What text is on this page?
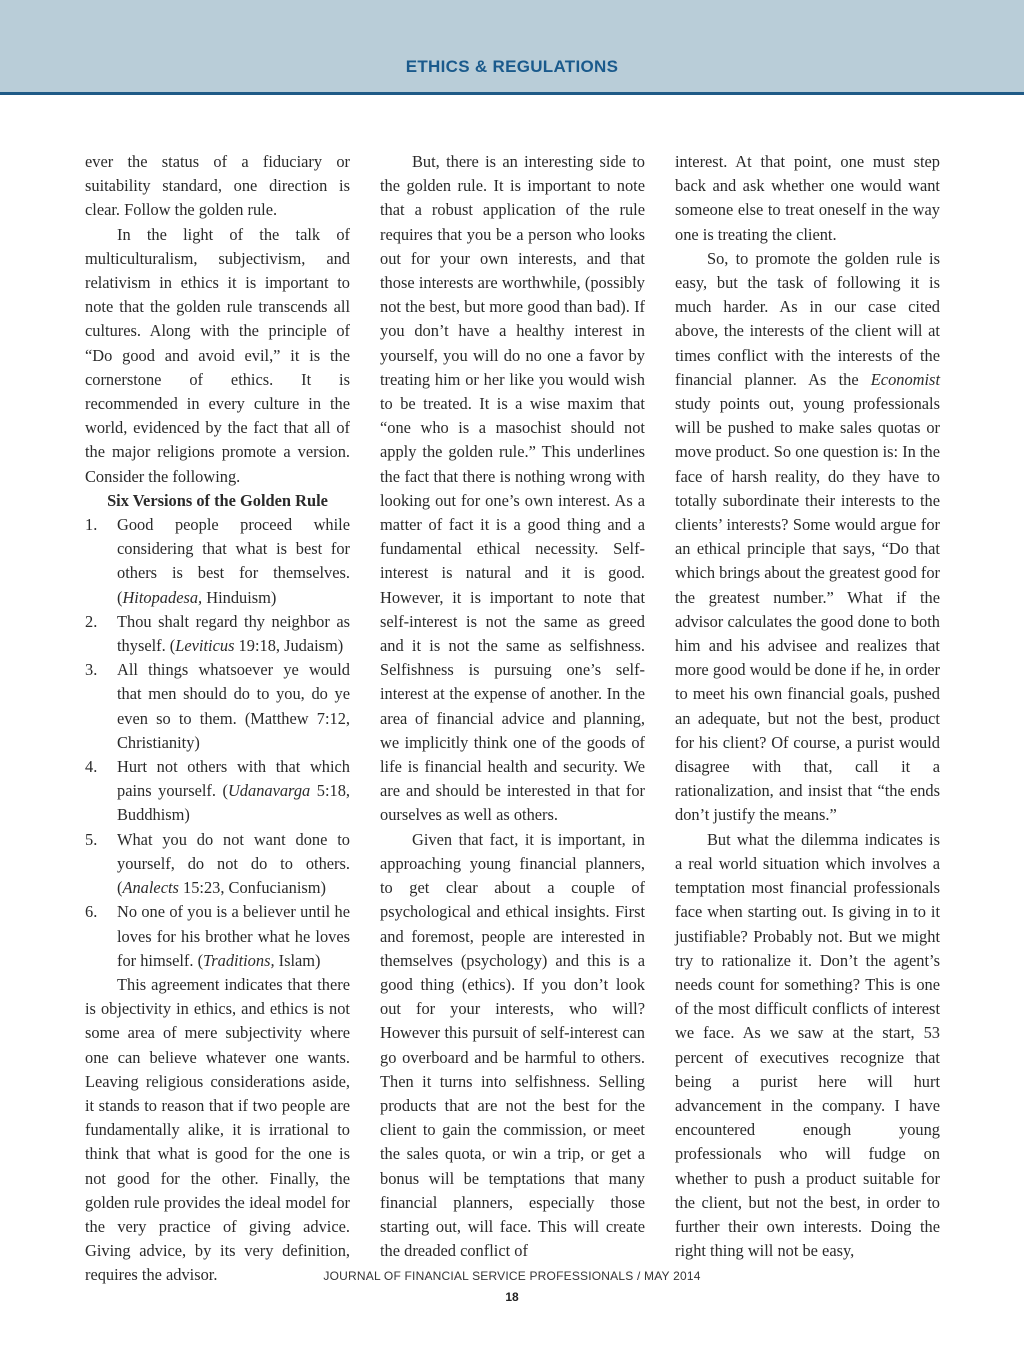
ETHICS & REGULATIONS

ever the status of a fiduciary or suitability standard, one direction is clear. Follow the golden rule.

In the light of the talk of multiculturalism, subjectivism, and relativism in ethics it is important to note that the golden rule transcends all cultures. Along with the principle of “Do good and avoid evil,” it is the cornerstone of ethics. It is recommended in every culture in the world, evidenced by the fact that all of the major religions promote a version. Consider the following.

Six Versions of the Golden Rule

1. Good people proceed while considering that what is best for others is best for themselves. (Hitopadesa, Hinduism)
2. Thou shalt regard thy neighbor as thyself. (Leviticus 19:18, Judaism)
3. All things whatsoever ye would that men should do to you, do ye even so to them. (Matthew 7:12, Christianity)
4. Hurt not others with that which pains yourself. (Udanavarga 5:18, Buddhism)
5. What you do not want done to yourself, do not do to others. (Analects 15:23, Confucianism)
6. No one of you is a believer until he loves for his brother what he loves for himself. (Traditions, Islam)

This agreement indicates that there is objectivity in ethics, and ethics is not some area of mere subjectivity where one can believe whatever one wants. Leaving religious considerations aside, it stands to reason that if two people are fundamentally alike, it is irrational to think that what is good for the one is not good for the other. Finally, the golden rule provides the ideal model for the very practice of giving advice. Giving advice, by its very definition, requires the advisor.

But, there is an interesting side to the golden rule. It is important to note that a robust application of the rule requires that you be a person who looks out for your own interests, and that those interests are worthwhile, (possibly not the best, but more good than bad). If you don’t have a healthy interest in yourself, you will do no one a favor by treating him or her like you would wish to be treated. It is a wise maxim that “one who is a masochist should not apply the golden rule.” This underlines the fact that there is nothing wrong with looking out for one’s own interest. As a matter of fact it is a good thing and a fundamental ethical necessity. Self-interest is natural and it is good. However, it is important to note that self-interest is not the same as greed and it is not the same as selfishness. Selfishness is pursuing one’s self-interest at the expense of another. In the area of financial advice and planning, we implicitly think one of the goods of life is financial health and security. We are and should be interested in that for ourselves as well as others.

Given that fact, it is important, in approaching young financial planners, to get clear about a couple of psychological and ethical insights. First and foremost, people are interested in themselves (psychology) and this is a good thing (ethics). If you don’t look out for your interests, who will? However this pursuit of self-interest can go overboard and be harmful to others. Then it turns into selfishness. Selling products that are not the best for the client to gain the commission, or meet the sales quota, or win a trip, or get a bonus will be temptations that many financial planners, especially those starting out, will face. This will create the dreaded conflict of

interest. At that point, one must step back and ask whether one would want someone else to treat oneself in the way one is treating the client.

So, to promote the golden rule is easy, but the task of following it is much harder. As in our case cited above, the interests of the client will at times conflict with the interests of the financial planner. As the Economist study points out, young professionals will be pushed to make sales quotas or move product. So one question is: In the face of harsh reality, do they have to totally subordinate their interests to the clients’ interests? Some would argue for an ethical principle that says, “Do that which brings about the greatest good for the greatest number.” What if the advisor calculates the good done to both him and his advisee and realizes that more good would be done if he, in order to meet his own financial goals, pushed an adequate, but not the best, product for his client? Of course, a purist would disagree with that, call it a rationalization, and insist that “the ends don’t justify the means.”

But what the dilemma indicates is a real world situation which involves a temptation most financial professionals face when starting out. Is giving in to it justifiable? Probably not. But we might try to rationalize it. Don’t the agent’s needs count for something? This is one of the most difficult conflicts of interest we face. As we saw at the start, 53 percent of executives recognize that being a purist here will hurt advancement in the company. I have encountered enough young professionals who will fudge on whether to push a product suitable for the client, but not the best, in order to further their own interests. Doing the right thing will not be easy,

JOURNAL OF FINANCIAL SERVICE PROFESSIONALS / MAY 2014
18
